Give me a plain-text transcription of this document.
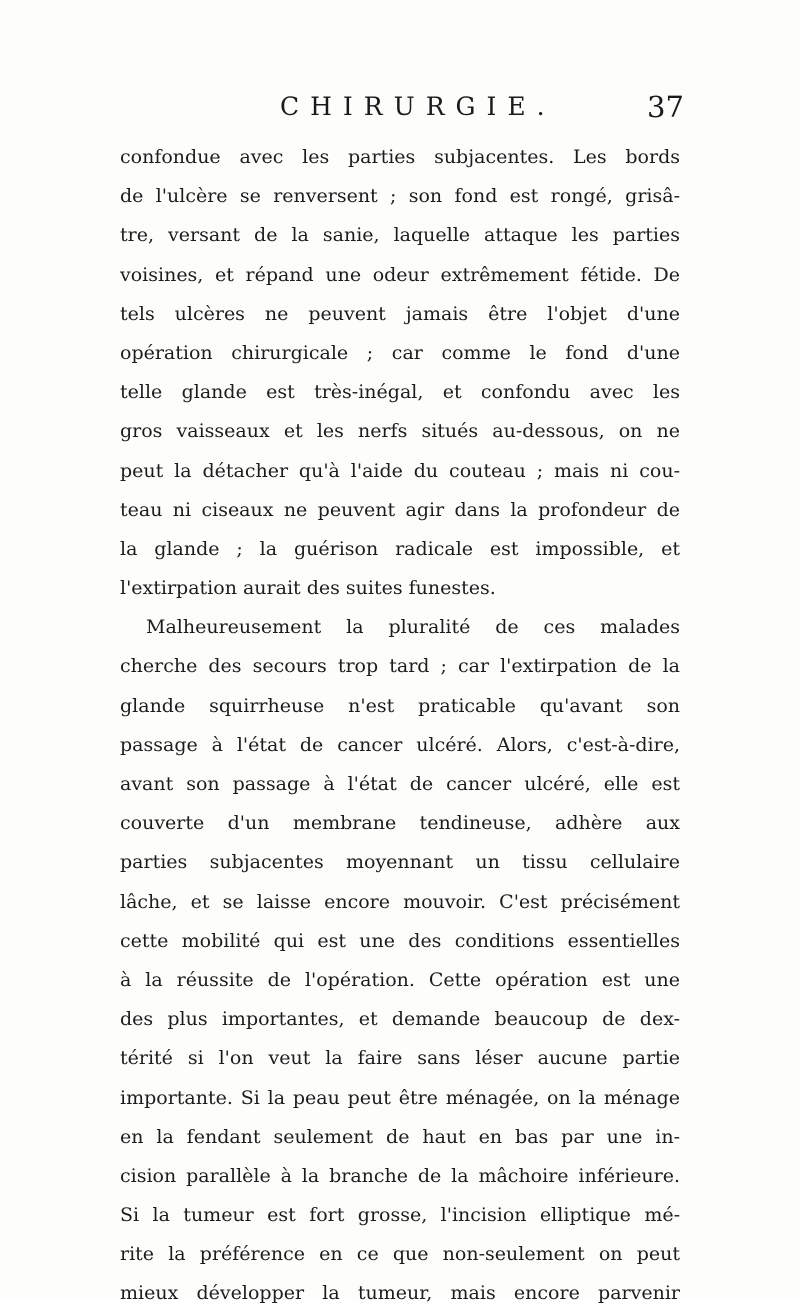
CHIRURGIE.	37
confondue avec les parties subjacentes. Les bords
de l'ulcère se renversent ; son fond est rongé, grisâ-
tre, versant de la sanie, laquelle attaque les parties
voisines, et répand une odeur extrêmement fétide. De
tels ulcères ne peuvent jamais être l'objet d'une
opération chirurgicale ; car comme le fond d'une
telle glande est très-inégal, et confondu avec les
gros vaisseaux et les nerfs situés au-dessous, on ne
peut la détacher qu'à l'aide du couteau ; mais ni cou-
teau ni ciseaux ne peuvent agir dans la profondeur de
la glande ; la guérison radicale est impossible, et
l'extirpation aurait des suites funestes.
Malheureusement la pluralité de ces malades
cherche des secours trop tard ; car l'extirpation de la
glande squirrheuse n'est praticable qu'avant son
passage à l'état de cancer ulcéré. Alors, c'est-à-dire,
avant son passage à l'état de cancer ulcéré, elle est
couverte d'un membrane tendineuse, adhère aux
parties subjacentes moyennant un tissu cellulaire
lâche, et se laisse encore mouvoir. C'est précisément
cette mobilité qui est une des conditions essentielles
à la réussite de l'opération. Cette opération est une
des plus importantes, et demande beaucoup de dex-
térité si l'on veut la faire sans léser aucune partie
importante. Si la peau peut être ménagée, on la ménage
en la fendant seulement de haut en bas par une in-
cision parallèle à la branche de la mâchoire inférieure.
Si la tumeur est fort grosse, l'incision elliptique mé-
rite la préférence en ce que non-seulement on peut
mieux développer la tumeur, mais encore parvenir
